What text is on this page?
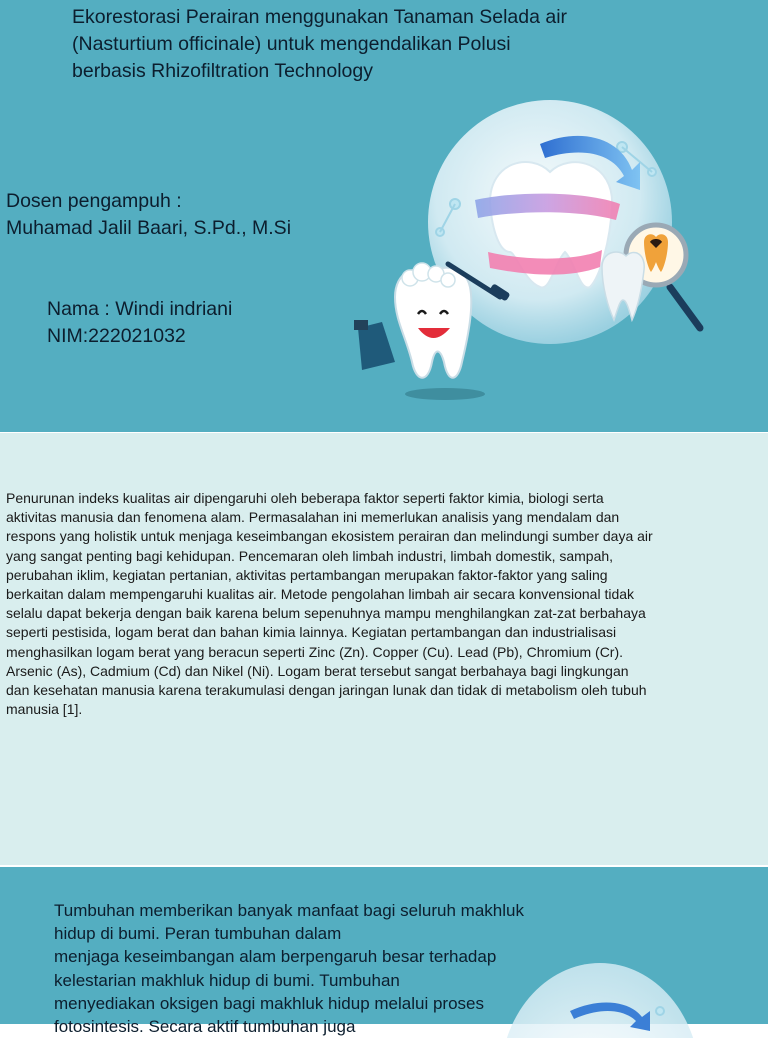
Ekorestorasi Perairan menggunakan Tanaman Selada air
(Nasturtium officinale) untuk mengendalikan Polusi
berbasis Rhizofiltration Technology
Dosen pengampuh :
Muhamad Jalil Baari, S.Pd., M.Si
Nama : Windi indriani
NIM:222021032

Penurunan indeks kualitas air dipengaruhi oleh beberapa faktor seperti faktor kimia, biologi serta
aktivitas manusia dan fenomena alam. Permasalahan ini memerlukan analisis yang mendalam dan
respons yang holistik untuk menjaga keseimbangan ekosistem perairan dan melindungi sumber daya air
yang sangat penting bagi kehidupan. Pencemaran oleh limbah industri, limbah domestik, sampah,
perubahan iklim, kegiatan pertanian, aktivitas pertambangan merupakan faktor-faktor yang saling
berkaitan dalam mempengaruhi kualitas air. Metode pengolahan limbah air secara konvensional tidak
selalu dapat bekerja dengan baik karena belum sepenuhnya mampu menghilangkan zat-zat berbahaya
seperti pestisida, logam berat dan bahan kimia lainnya. Kegiatan pertambangan dan industrialisasi
menghasilkan logam berat yang beracun seperti Zinc (Zn). Copper (Cu). Lead (Pb), Chromium (Cr).
Arsenic (As), Cadmium (Cd) dan Nikel (Ni). Logam berat tersebut sangat berbahaya bagi lingkungan
dan kesehatan manusia karena terakumulasi dengan jaringan lunak dan tidak di metabolism oleh tubuh
manusia [1].

Tumbuhan memberikan banyak manfaat bagi seluruh makhluk
hidup di bumi. Peran tumbuhan dalam
menjaga keseimbangan alam berpengaruh besar terhadap
kelestarian makhluk hidup di bumi. Tumbuhan
menyediakan oksigen bagi makhluk hidup melalui proses
fotosintesis. Secara aktif tumbuhan juga
